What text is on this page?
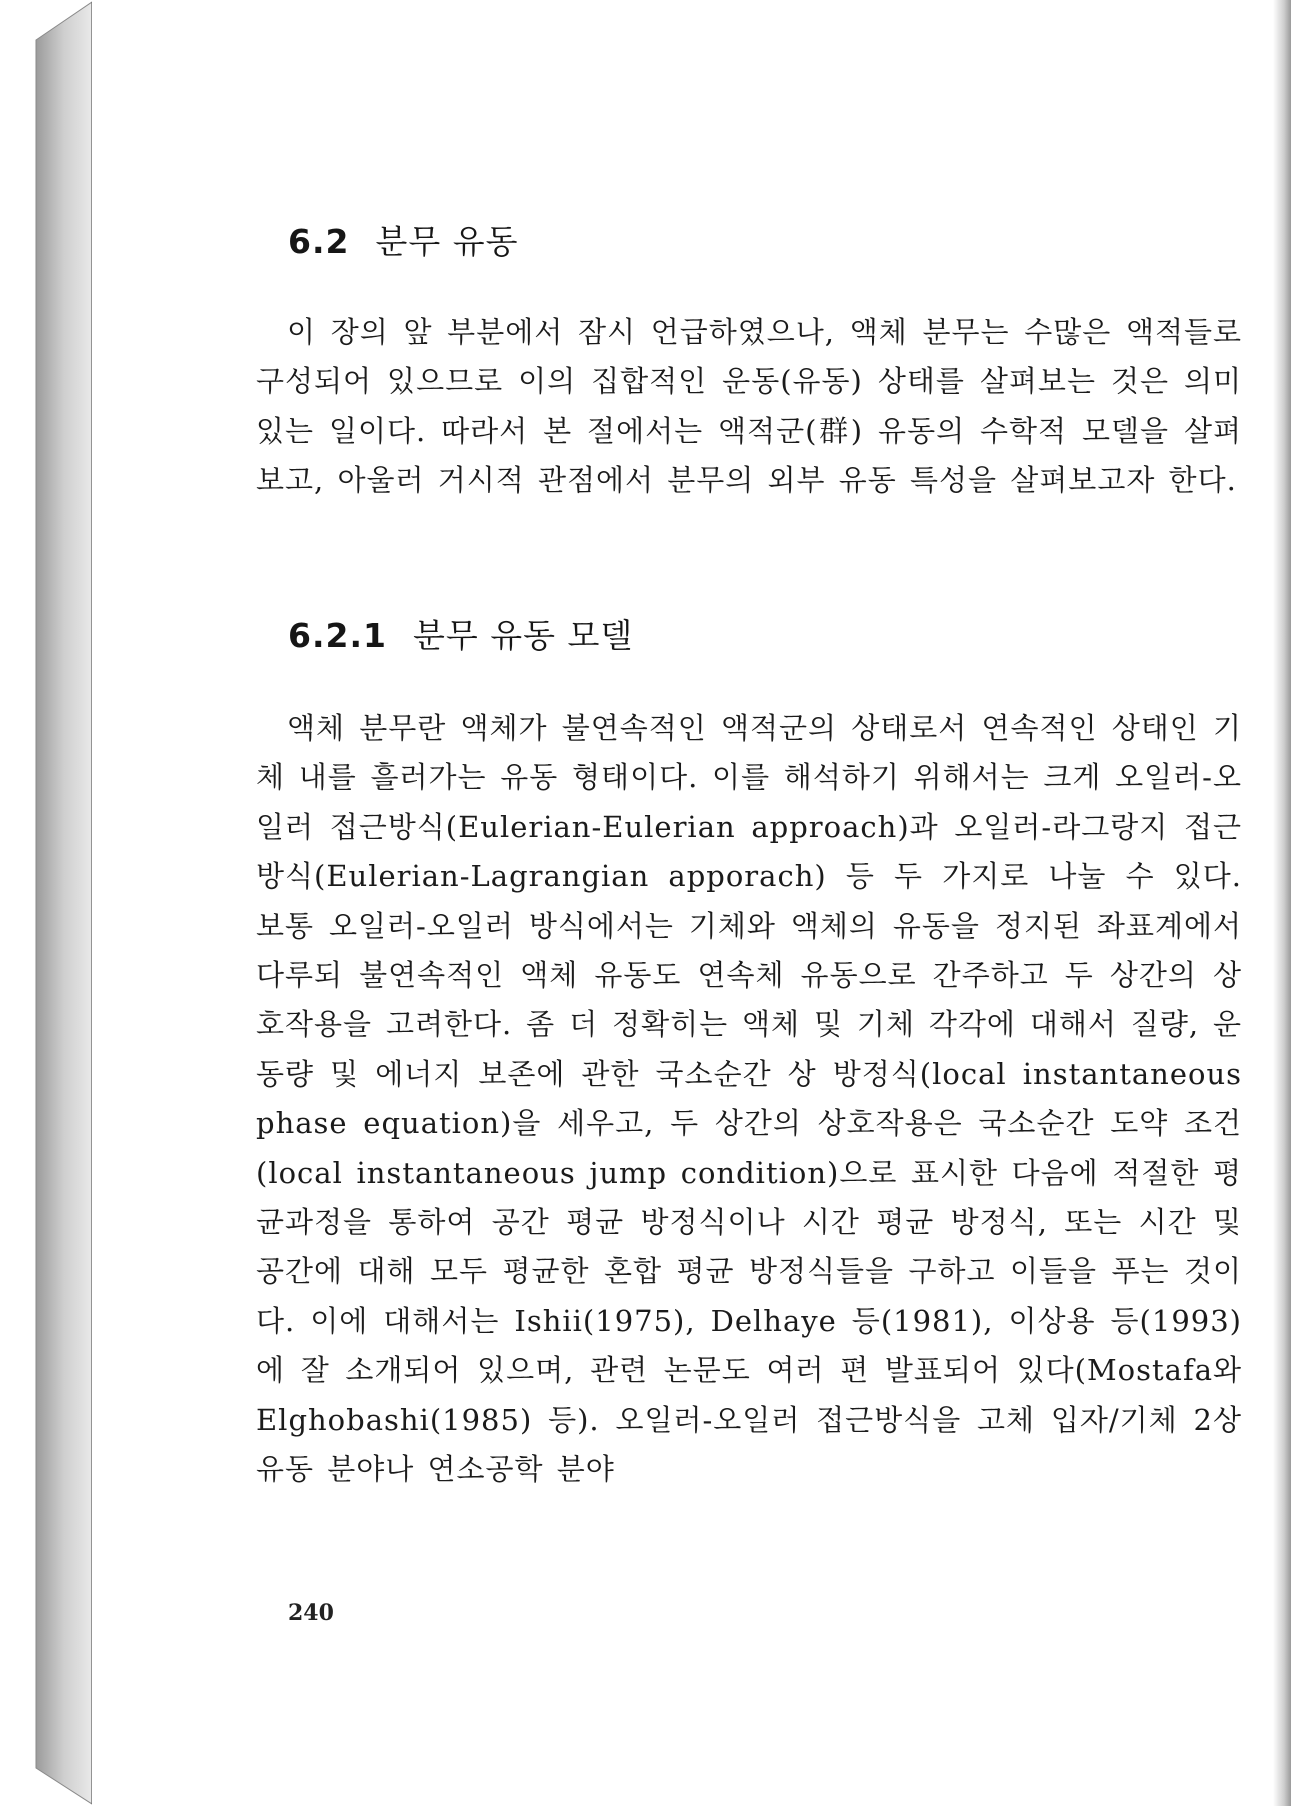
6.2 분무 유동

이 장의 앞 부분에서 잠시 언급하였으나, 액체 분무는 수많은 액적들로 구성되어 있으므로 이의 집합적인 운동(유동) 상태를 살펴보는 것은 의미있는 일이다. 따라서 본 절에서는 액적군(群) 유동의 수학적 모델을 살펴보고, 아울러 거시적 관점에서 분무의 외부 유동 특성을 살펴보고자 한다.

6.2.1 분무 유동 모델

액체 분무란 액체가 불연속적인 액적군의 상태로서 연속적인 상태인 기체 내를 흘러가는 유동 형태이다. 이를 해석하기 위해서는 크게 오일러-오일러 접근방식(Eulerian-Eulerian approach)과 오일러-라그랑지 접근방식(Eulerian-Lagrangian apporach) 등 두 가지로 나눌 수 있다. 보통 오일러-오일러 방식에서는 기체와 액체의 유동을 정지된 좌표계에서 다루되 불연속적인 액체 유동도 연속체 유동으로 간주하고 두 상간의 상호작용을 고려한다. 좀 더 정확히는 액체 및 기체 각각에 대해서 질량, 운동량 및 에너지 보존에 관한 국소순간 상 방정식(local instantaneous phase equation)을 세우고, 두 상간의 상호작용은 국소순간 도약 조건(local instantaneous jump condition)으로 표시한 다음에 적절한 평균과정을 통하여 공간 평균 방정식이나 시간 평균 방정식, 또는 시간 및 공간에 대해 모두 평균한 혼합 평균 방정식들을 구하고 이들을 푸는 것이다. 이에 대해서는 Ishii(1975), Delhaye 등(1981), 이상용 등(1993)에 잘 소개되어 있으며, 관련 논문도 여러 편 발표되어 있다(Mostafa와 Elghobashi(1985) 등). 오일러-오일러 접근방식을 고체 입자/기체 2상유동 분야나 연소공학 분야

240
